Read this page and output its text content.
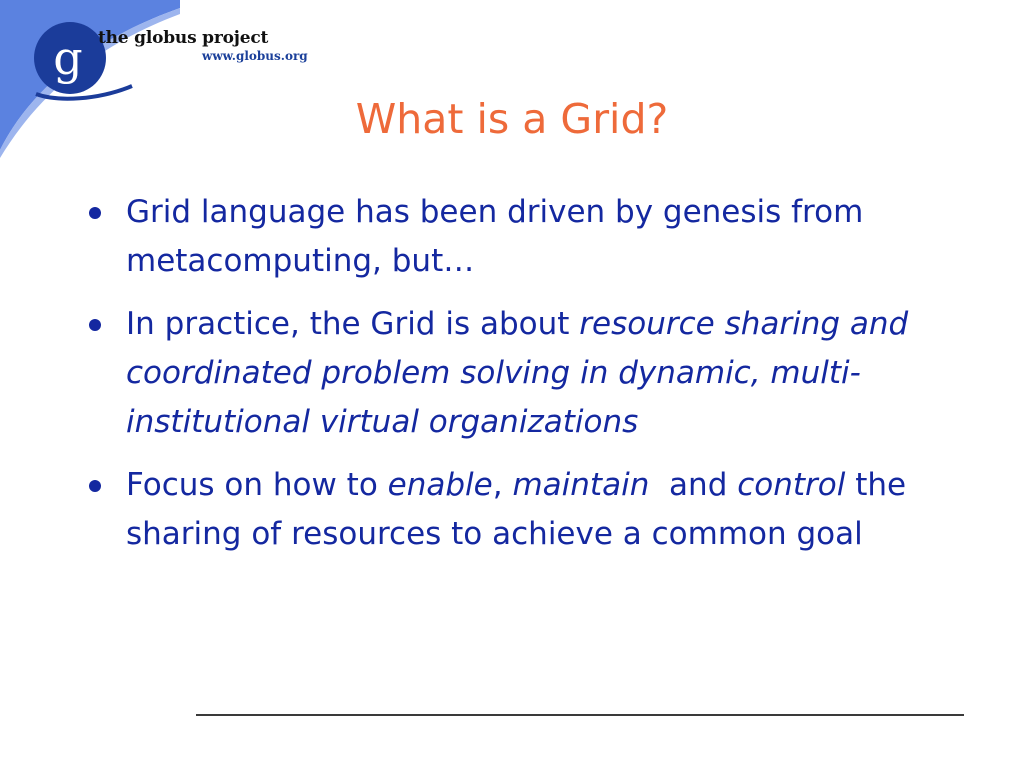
g the globus project
www.globus.org
What is a Grid?
Grid language has been driven by genesis from metacomputing, but…
In practice, the Grid is about resource sharing and coordinated problem solving in dynamic, multi-institutional virtual organizations
Focus on how to enable, maintain  and control the sharing of resources to achieve a common goal
